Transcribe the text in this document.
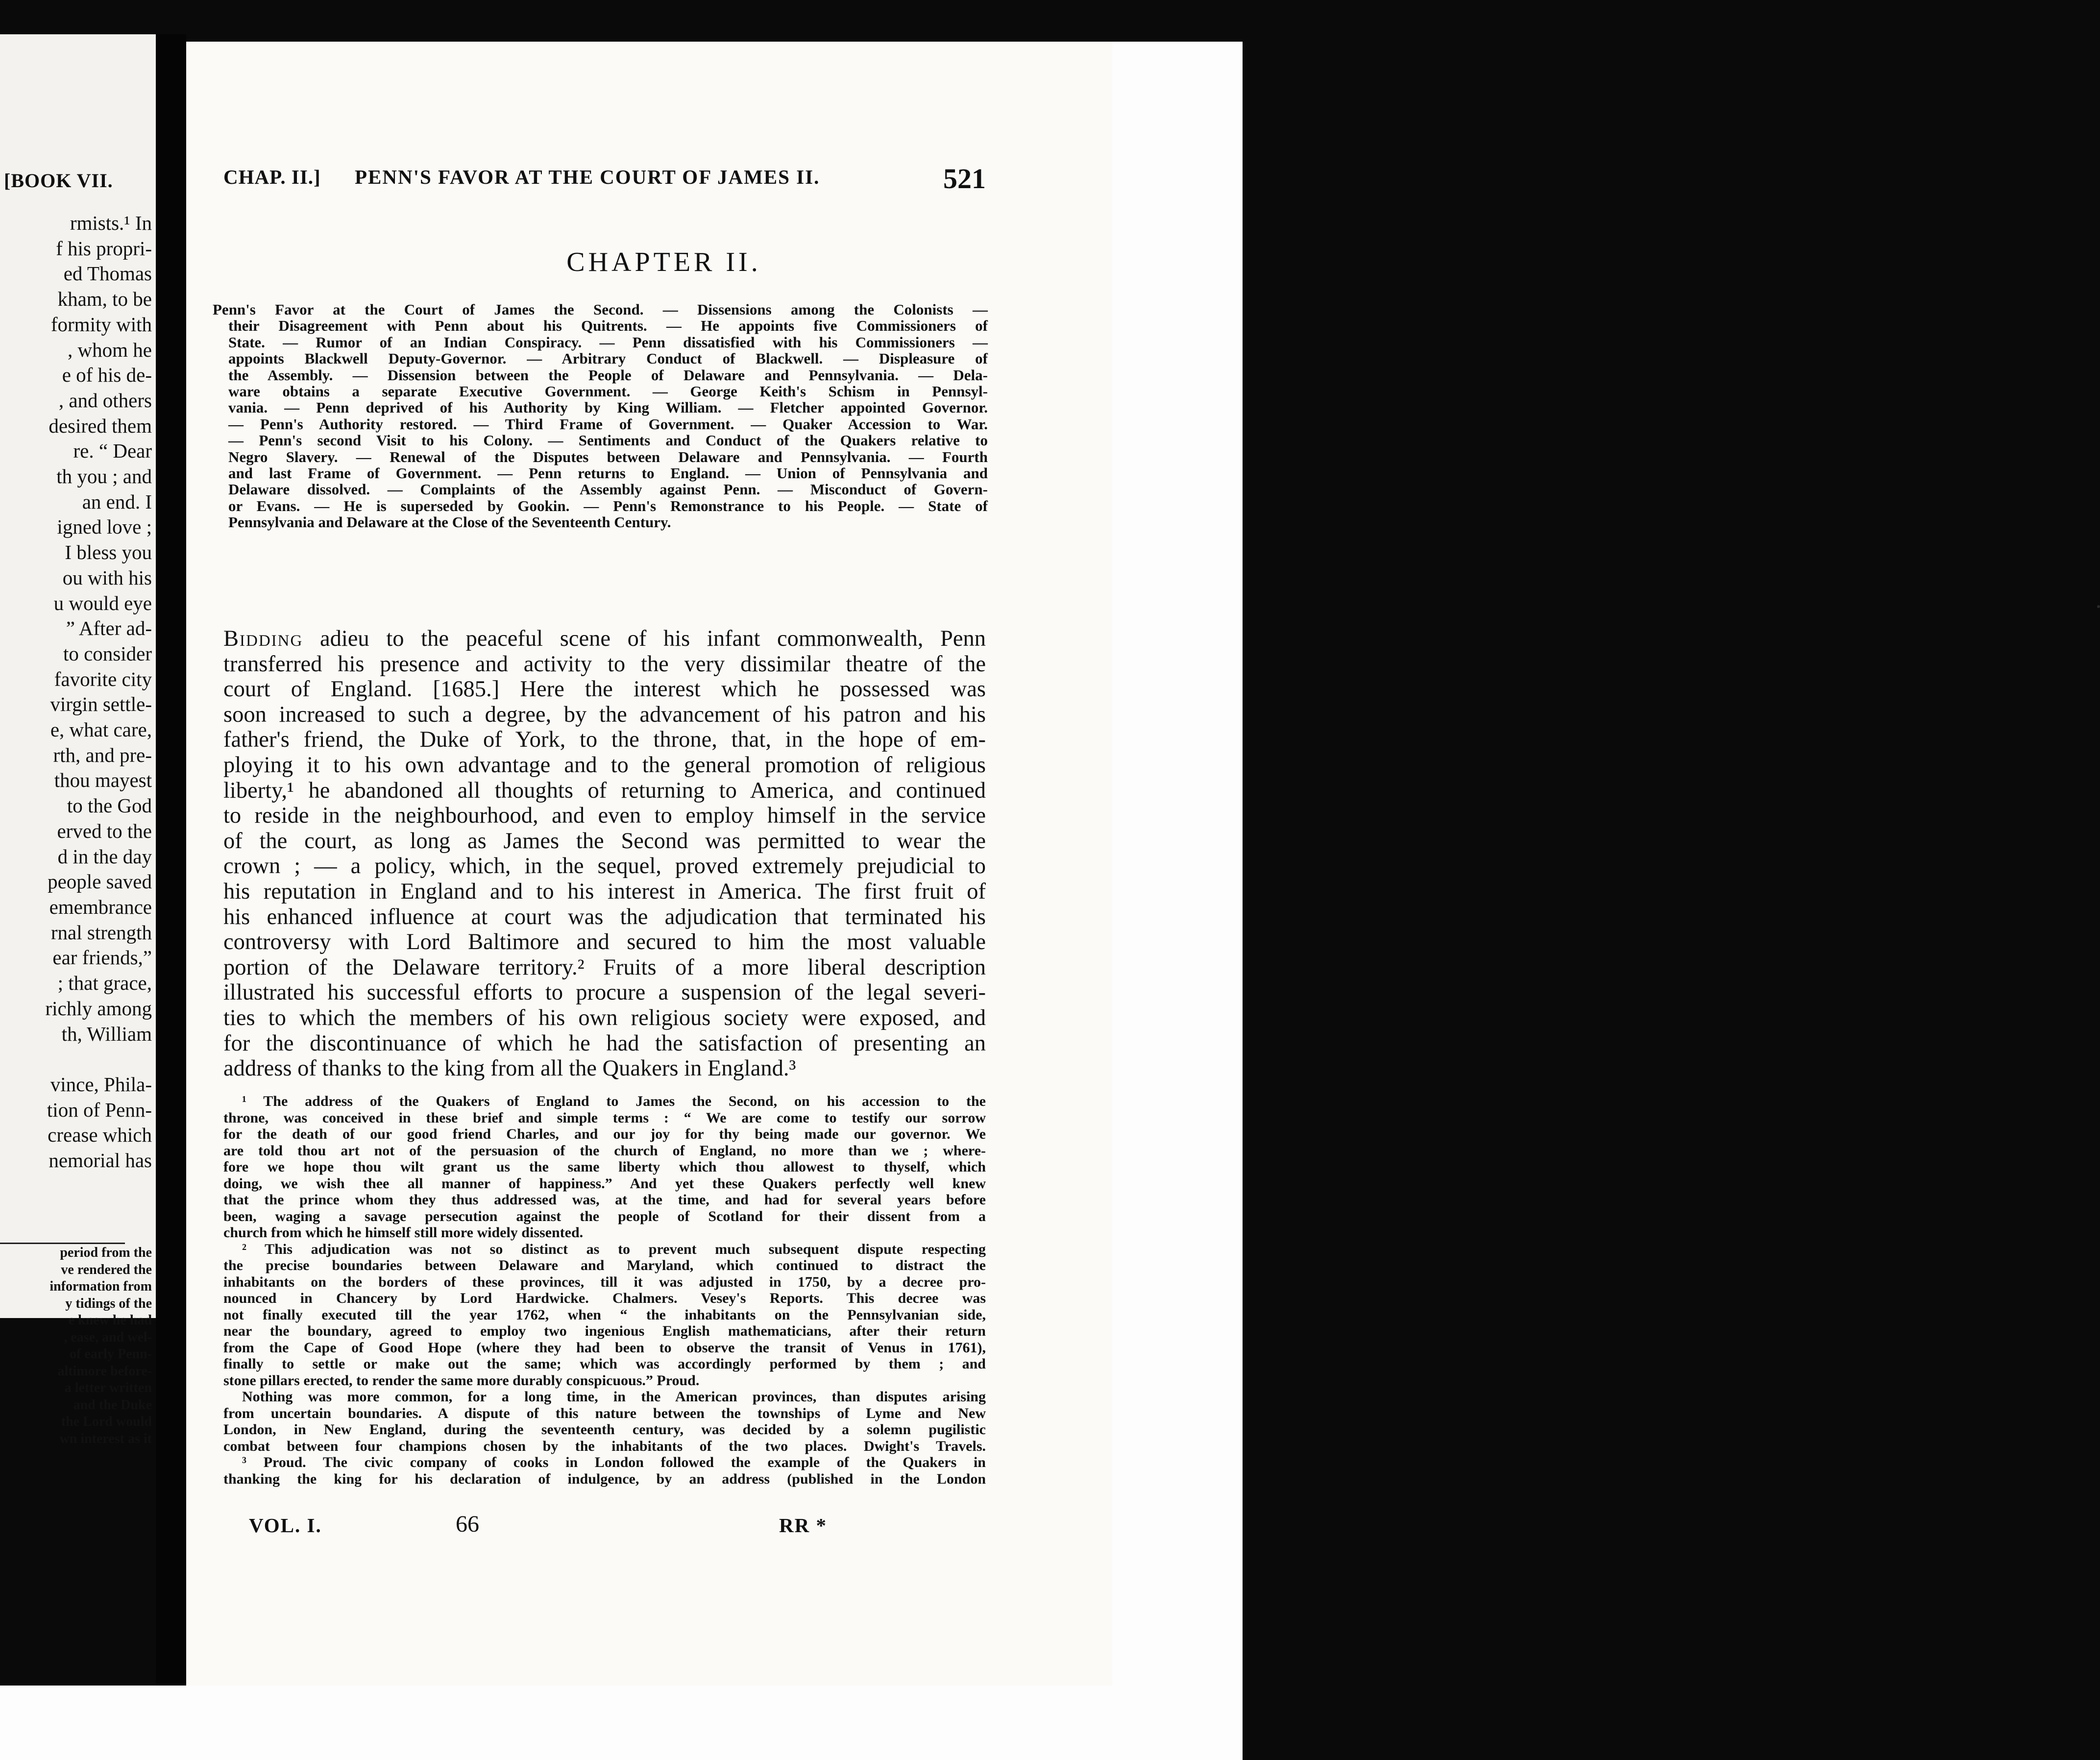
[BOOK VII.
rmists.¹ In
f his propri-
ed Thomas
kham, to be
formity with
, whom he
e of his de-
, and others
desired them
re. “ Dear
th you ; and
an end. I
igned love ;
I bless you
ou with his
u would eye
” After ad-
to consider
favorite city
virgin settle-
e, what care,
rth, and pre-
thou mayest
to the God
erved to the
d in the day
people saved
emembrance
rnal strength
ear friends,”
; that grace,
richly among
th, William

vince, Phila-
tion of Penn-
crease which
nemorial has
period from the
ve rendered the
information from
y tidings of the
e knew he had
, ease, and wel-
of early Penn-
altimore before-
a letter written
and the Duke
the Lord would
wn interest as it
CHAP. II.] PENN'S FAVOR AT THE COURT OF JAMES II.	521
CHAPTER II.
Penn's Favor at the Court of James the Second. — Dissensions among the Colonists —
their Disagreement with Penn about his Quitrents. — He appoints five Commissioners of
State. — Rumor of an Indian Conspiracy. — Penn dissatisfied with his Commissioners —
appoints Blackwell Deputy-Governor. — Arbitrary Conduct of Blackwell. — Displeasure of
the Assembly. — Dissension between the People of Delaware and Pennsylvania. — Dela-
ware obtains a separate Executive Government. — George Keith's Schism in Pennsyl-
vania. — Penn deprived of his Authority by King William. — Fletcher appointed Governor.
— Penn's Authority restored. — Third Frame of Government. — Quaker Accession to War.
— Penn's second Visit to his Colony. — Sentiments and Conduct of the Quakers relative to
Negro Slavery. — Renewal of the Disputes between Delaware and Pennsylvania. — Fourth
and last Frame of Government. — Penn returns to England. — Union of Pennsylvania and
Delaware dissolved. — Complaints of the Assembly against Penn. — Misconduct of Govern-
or Evans. — He is superseded by Gookin. — Penn's Remonstrance to his People. — State of
Pennsylvania and Delaware at the Close of the Seventeenth Century.
Bidding adieu to the peaceful scene of his infant commonwealth, Penn
transferred his presence and activity to the very dissimilar theatre of the
court of England. [1685.] Here the interest which he possessed was
soon increased to such a degree, by the advancement of his patron and his
father's friend, the Duke of York, to the throne, that, in the hope of em-
ploying it to his own advantage and to the general promotion of religious
liberty,¹ he abandoned all thoughts of returning to America, and continued
to reside in the neighbourhood, and even to employ himself in the service
of the court, as long as James the Second was permitted to wear the
crown ; — a policy, which, in the sequel, proved extremely prejudicial to
his reputation in England and to his interest in America. The first fruit of
his enhanced influence at court was the adjudication that terminated his
controversy with Lord Baltimore and secured to him the most valuable
portion of the Delaware territory.² Fruits of a more liberal description
illustrated his successful efforts to procure a suspension of the legal severi-
ties to which the members of his own religious society were exposed, and
for the discontinuance of which he had the satisfaction of presenting an
address of thanks to the king from all the Quakers in England.³
¹ The address of the Quakers of England to James the Second, on his accession to the
throne, was conceived in these brief and simple terms : “ We are come to testify our sorrow
for the death of our good friend Charles, and our joy for thy being made our governor. We
are told thou art not of the persuasion of the church of England, no more than we ; where-
fore we hope thou wilt grant us the same liberty which thou allowest to thyself, which
doing, we wish thee all manner of happiness.” And yet these Quakers perfectly well knew
that the prince whom they thus addressed was, at the time, and had for several years before
been, waging a savage persecution against the people of Scotland for their dissent from a
church from which he himself still more widely dissented.
² This adjudication was not so distinct as to prevent much subsequent dispute respecting
the precise boundaries between Delaware and Maryland, which continued to distract the
inhabitants on the borders of these provinces, till it was adjusted in 1750, by a decree pro-
nounced in Chancery by Lord Hardwicke. Chalmers. Vesey's Reports. This decree was
not finally executed till the year 1762, when “ the inhabitants on the Pennsylvanian side,
near the boundary, agreed to employ two ingenious English mathematicians, after their return
from the Cape of Good Hope (where they had been to observe the transit of Venus in 1761),
finally to settle or make out the same; which was accordingly performed by them ; and
stone pillars erected, to render the same more durably conspicuous.” Proud.
Nothing was more common, for a long time, in the American provinces, than disputes arising
from uncertain boundaries. A dispute of this nature between the townships of Lyme and New
London, in New England, during the seventeenth century, was decided by a solemn pugilistic
combat between four champions chosen by the inhabitants of the two places. Dwight's Travels.
³ Proud. The civic company of cooks in London followed the example of the Quakers in
thanking the king for his declaration of indulgence, by an address (published in the London
VOL. I.	66	RR *
